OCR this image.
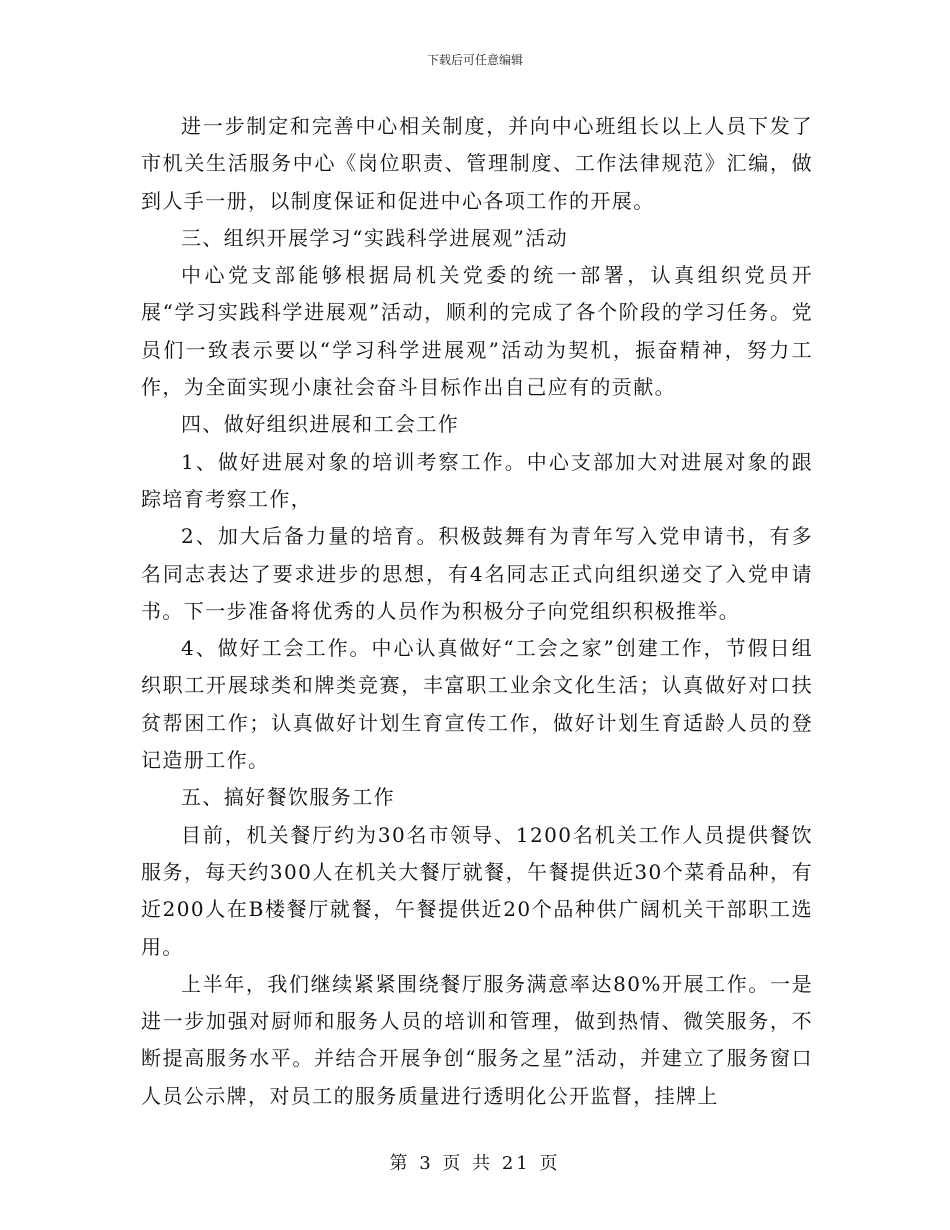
下载后可任意编辑

进一步制定和完善中心相关制度，并向中心班组长以上人员下发了市机关生活服务中心《岗位职责、管理制度、工作法律规范》汇编，做到人手一册，以制度保证和促进中心各项工作的开展。

三、组织开展学习“实践科学进展观”活动

中心党支部能够根据局机关党委的统一部署，认真组织党员开展“学习实践科学进展观”活动，顺利的完成了各个阶段的学习任务。党员们一致表示要以“学习科学进展观”活动为契机，振奋精神，努力工作，为全面实现小康社会奋斗目标作出自己应有的贡献。

四、做好组织进展和工会工作

1、做好进展对象的培训考察工作。中心支部加大对进展对象的跟踪培育考察工作，

2、加大后备力量的培育。积极鼓舞有为青年写入党申请书，有多名同志表达了要求进步的思想，有4名同志正式向组织递交了入党申请书。下一步准备将优秀的人员作为积极分子向党组织积极推举。

4、做好工会工作。中心认真做好“工会之家”创建工作，节假日组织职工开展球类和牌类竞赛，丰富职工业余文化生活；认真做好对口扶贫帮困工作；认真做好计划生育宣传工作，做好计划生育适龄人员的登记造册工作。

五、搞好餐饮服务工作

目前，机关餐厅约为30名市领导、1200名机关工作人员提供餐饮服务，每天约300人在机关大餐厅就餐，午餐提供近30个菜肴品种，有近200人在B楼餐厅就餐，午餐提供近20个品种供广阔机关干部职工选用。

上半年，我们继续紧紧围绕餐厅服务满意率达80%开展工作。一是进一步加强对厨师和服务人员的培训和管理，做到热情、微笑服务，不断提高服务水平。并结合开展争创“服务之星”活动，并建立了服务窗口人员公示牌，对员工的服务质量进行透明化公开监督，挂牌上

第 3 页 共 21 页
